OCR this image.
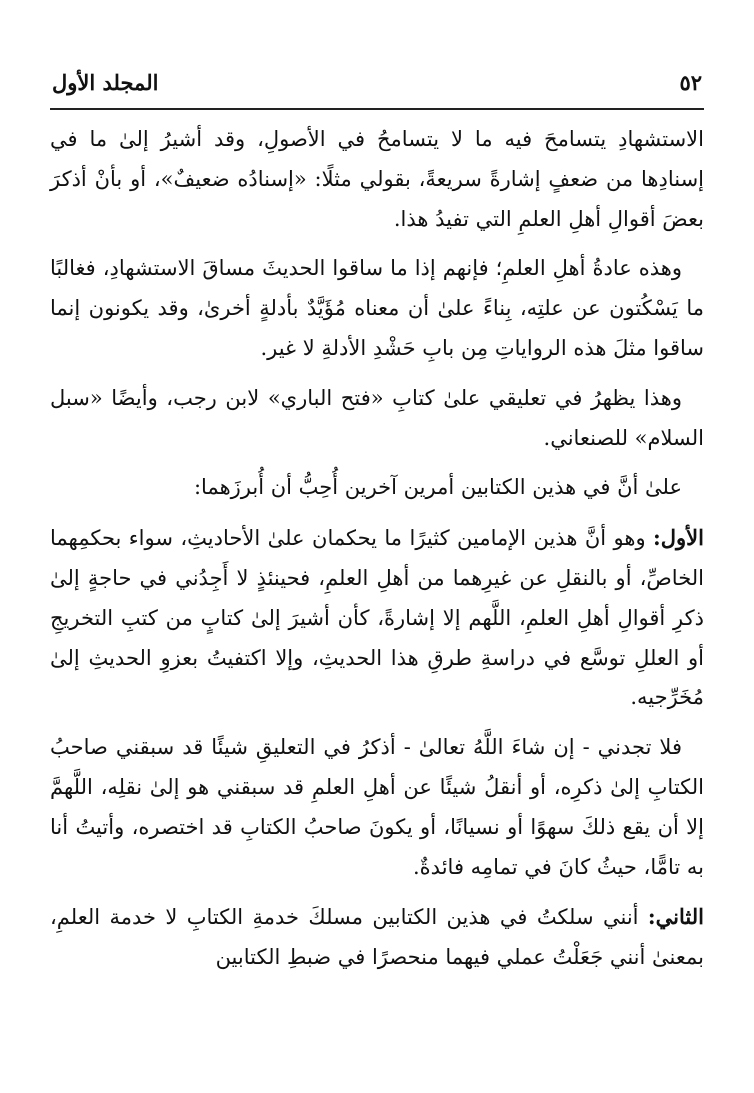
٥٢
المجلد الأول

الاستشهادِ يتسامحَ فيه ما لا يتسامحُ في الأصولِ، وقد أشيرُ إلىٰ ما في إسنادِها من ضعفٍ إشارةً سريعةً، بقولي مثلًا: «إسنادُه ضعيفٌ»، أو بأنْ أذكرَ بعضَ أقوالِ أهلِ العلمِ التي تفيدُ هذا.

وهذه عادةُ أهلِ العلمِ؛ فإنهم إذا ما ساقوا الحديثَ مساقَ الاستشهادِ، فغالبًا ما يَسْكُتون عن علتِه، بِناءً علىٰ أن معناه مُؤَيَّدٌ بأدلةٍ أخرىٰ، وقد يكونون إنما ساقوا مثلَ هذه الرواياتِ مِن بابِ حَشْدِ الأدلةِ لا غير.

وهذا يظهرُ في تعليقي علىٰ كتابِ «فتح الباري» لابن رجب، وأيضًا «سبل السلام» للصنعاني.

علىٰ أنَّ في هذين الكتابين أمرين آخرين أُحِبُّ أن أُبرزَهما:

الأول: وهو أنَّ هذين الإمامين كثيرًا ما يحكمان علىٰ الأحاديثِ، سواء بحكمِهما الخاصِّ، أو بالنقلِ عن غيرِهما من أهلِ العلمِ، فحينئذٍ لا أَجِدُني في حاجةٍ إلىٰ ذكرِ أقوالِ أهلِ العلمِ، اللَّهم إلا إشارةً، كأن أشيرَ إلىٰ كتابٍ من كتبِ التخريجِ أو العللِ توسَّع في دراسةِ طرقِ هذا الحديثِ، وإلا اكتفيتُ بعزوِ الحديثِ إلىٰ مُخَرِّجيه.

فلا تجدني - إن شاءَ اللَّهُ تعالىٰ - أذكرُ في التعليقِ شيئًا قد سبقني صاحبُ الكتابِ إلىٰ ذكرِه، أو أنقلُ شيئًا عن أهلِ العلمِ قد سبقني هو إلىٰ نقلِه، اللَّهمَّ إلا أن يقع ذلكَ سهوًا أو نسيانًا، أو يكونَ صاحبُ الكتابِ قد اختصره، وأتيتُ أنا به تامًّا، حيثُ كانَ في تمامِه فائدةٌ.

الثاني: أنني سلكتُ في هذين الكتابين مسلكَ خدمةِ الكتابِ لا خدمة العلمِ، بمعنىٰ أنني جَعَلْتُ عملي فيهما منحصرًا في ضبطِ الكتابين
